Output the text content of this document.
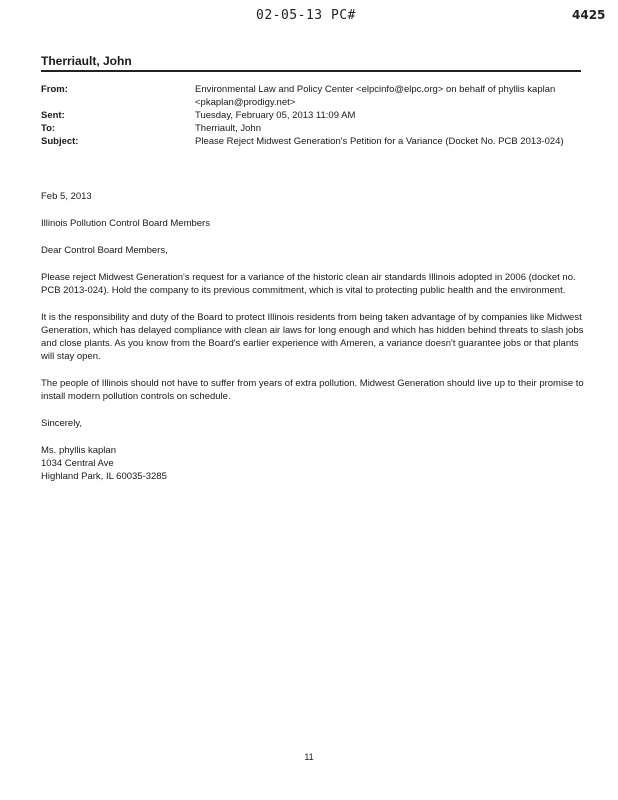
02-05-13 PC#	4425
Therriault, John
From:	Environmental Law and Policy Center <elpcinfo@elpc.org> on behalf of phyllis kaplan
<pkaplan@prodigy.net>
Sent:	Tuesday, February 05, 2013 11:09 AM
To:	Therriault, John
Subject:	Please Reject Midwest Generation's Petition for a Variance (Docket No. PCB 2013-024)

Feb 5, 2013

Illinois Pollution Control Board Members

Dear Control Board Members,

Please reject Midwest Generation's request for a variance of the historic clean air standards Illinois adopted in 2006 (docket no. PCB 2013-024). Hold the company to its previous commitment, which is vital to protecting public health and the environment.

It is the responsibility and duty of the Board to protect Illinois residents from being taken advantage of by companies like Midwest Generation, which has delayed compliance with clean air laws for long enough and which has hidden behind threats to slash jobs and close plants. As you know from the Board's earlier experience with Ameren, a variance doesn't guarantee jobs or that plants will stay open.

The people of Illinois should not have to suffer from years of extra pollution. Midwest Generation should live up to their promise to install modern pollution controls on schedule.

Sincerely,

Ms. phyllis kaplan
1034 Central Ave
Highland Park, IL 60035-3285

11
